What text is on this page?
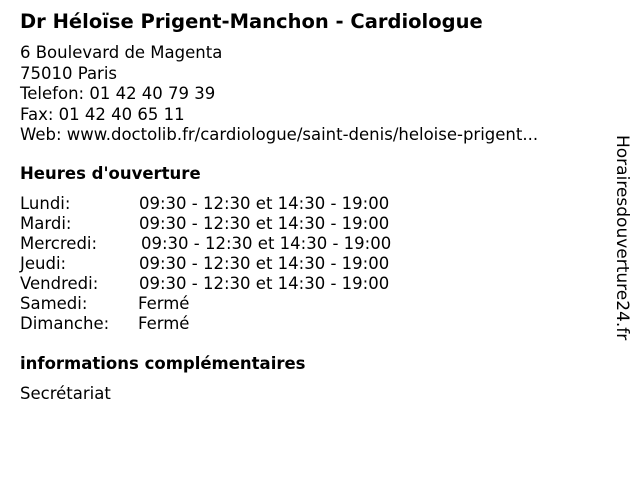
Dr Héloïse Prigent-Manchon - Cardiologue
6 Boulevard de Magenta
75010 Paris
Telefon: 01 42 40 79 39
Fax: 01 42 40 65 11
Web: www.doctolib.fr/cardiologue/saint-denis/heloise-prigent...
Heures d'ouverture
Lundi:	09:30 - 12:30 et 14:30 - 19:00
Mardi:	09:30 - 12:30 et 14:30 - 19:00
Mercredi:	09:30 - 12:30 et 14:30 - 19:00
Jeudi:	09:30 - 12:30 et 14:30 - 19:00
Vendredi: 09:30 - 12:30 et 14:30 - 19:00
Samedi:	Fermé
Dimanche: Fermé
informations complémentaires
Secrétariat
Horairesdouverture24.fr
